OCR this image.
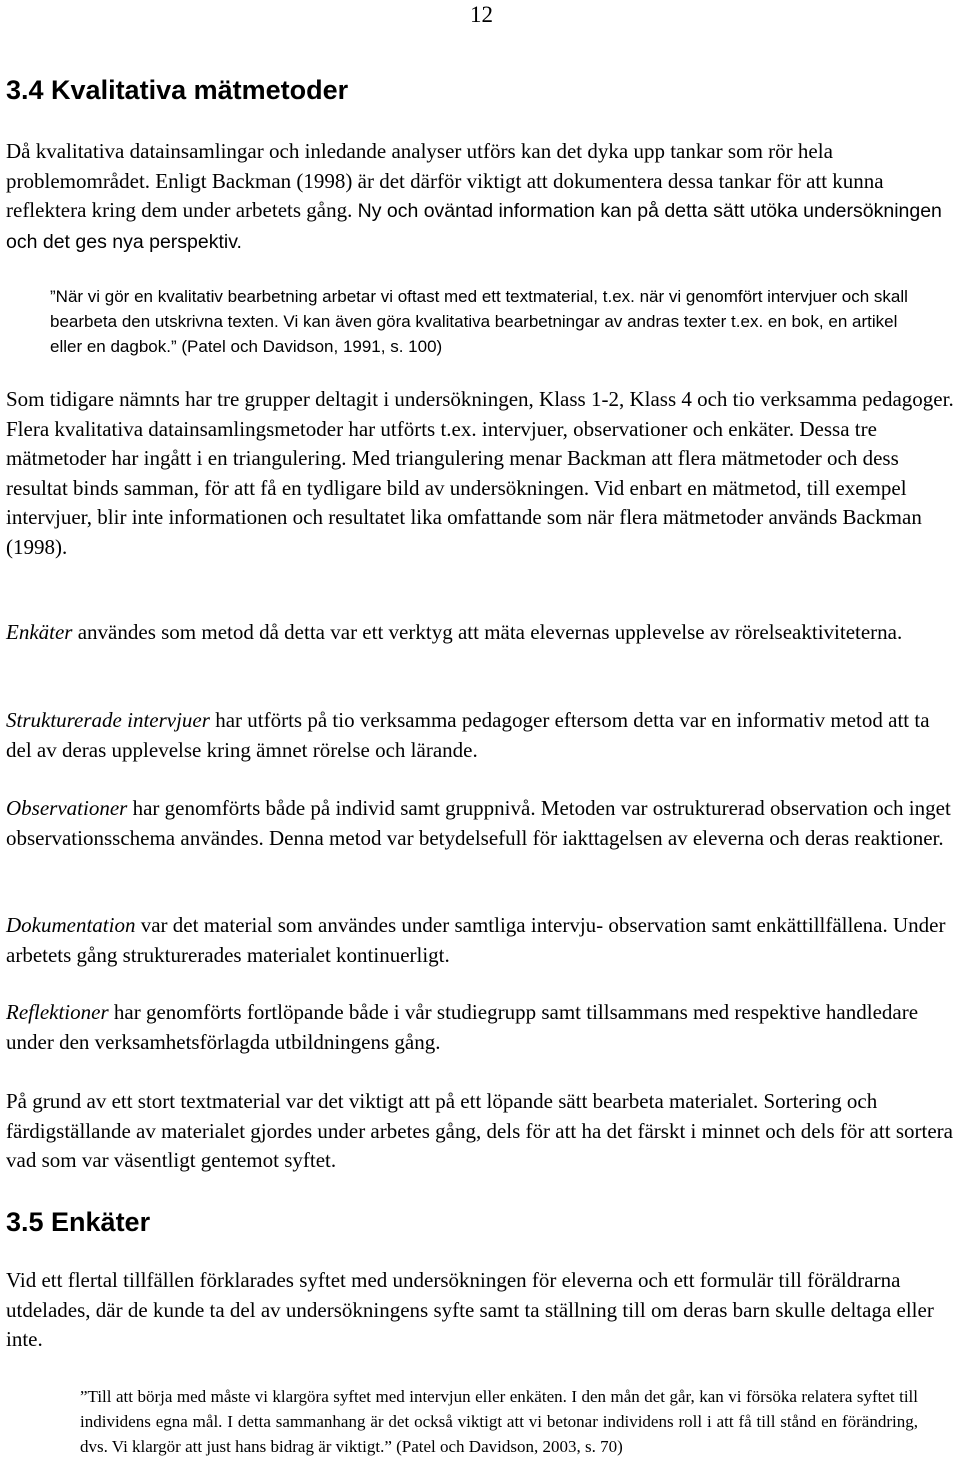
12
3.4 Kvalitativa mätmetoder

Då kvalitativa datainsamlingar och inledande analyser utförs kan det dyka upp tankar som rör hela problemområdet. Enligt Backman (1998) är det därför viktigt att dokumentera dessa tankar för att kunna reflektera kring dem under arbetets gång. Ny och oväntad information kan på detta sätt utöka undersökningen och det ges nya perspektiv.

”När vi gör en kvalitativ bearbetning arbetar vi oftast med ett textmaterial, t.ex. när vi genomfört intervjuer och skall bearbeta den utskrivna texten. Vi kan även göra kvalitativa bearbetningar av andras texter t.ex. en bok, en artikel eller en dagbok.” (Patel och Davidson, 1991, s. 100)

Som tidigare nämnts har tre grupper deltagit i undersökningen, Klass 1-2, Klass 4 och tio verksamma pedagoger. Flera kvalitativa datainsamlingsmetoder har utförts t.ex. intervjuer, observationer och enkäter. Dessa tre mätmetoder har ingått i en triangulering. Med triangulering menar Backman att flera mätmetoder och dess resultat binds samman, för att få en tydligare bild av undersökningen. Vid enbart en mätmetod, till exempel intervjuer, blir inte informationen och resultatet lika omfattande som när flera mätmetoder används Backman (1998).

Enkäter användes som metod då detta var ett verktyg att mäta elevernas upplevelse av rörelseaktiviteterna.

Strukturerade intervjuer har utförts på tio verksamma pedagoger eftersom detta var en informativ metod att ta del av deras upplevelse kring ämnet rörelse och lärande.

Observationer har genomförts både på individ samt gruppnivå. Metoden var ostrukturerad observation och inget observationsschema användes. Denna metod var betydelsefull för iakttagelsen av eleverna och deras reaktioner.

Dokumentation var det material som användes under samtliga intervju- observation samt enkättillfällena. Under arbetets gång strukturerades materialet kontinuerligt.

Reflektioner har genomförts fortlöpande både i vår studiegrupp samt tillsammans med respektive handledare under den verksamhetsförlagda utbildningens gång.

På grund av ett stort textmaterial var det viktigt att på ett löpande sätt bearbeta materialet. Sortering och färdigställande av materialet gjordes under arbetes gång, dels för att ha det färskt i minnet och dels för att sortera vad som var väsentligt gentemot syftet.

3.5 Enkäter

Vid ett flertal tillfällen förklarades syftet med undersökningen för eleverna och ett formulär till föräldrarna utdelades, där de kunde ta del av undersökningens syfte samt ta ställning till om deras barn skulle deltaga eller inte.

”Till att börja med måste vi klargöra syftet med intervjun eller enkäten. I den mån det går, kan vi försöka relatera syftet till individens egna mål. I detta sammanhang är det också viktigt att vi betonar individens roll i att få till stånd en förändring, dvs. Vi klargör att just hans bidrag är viktigt.” (Patel och Davidson, 2003, s. 70)
